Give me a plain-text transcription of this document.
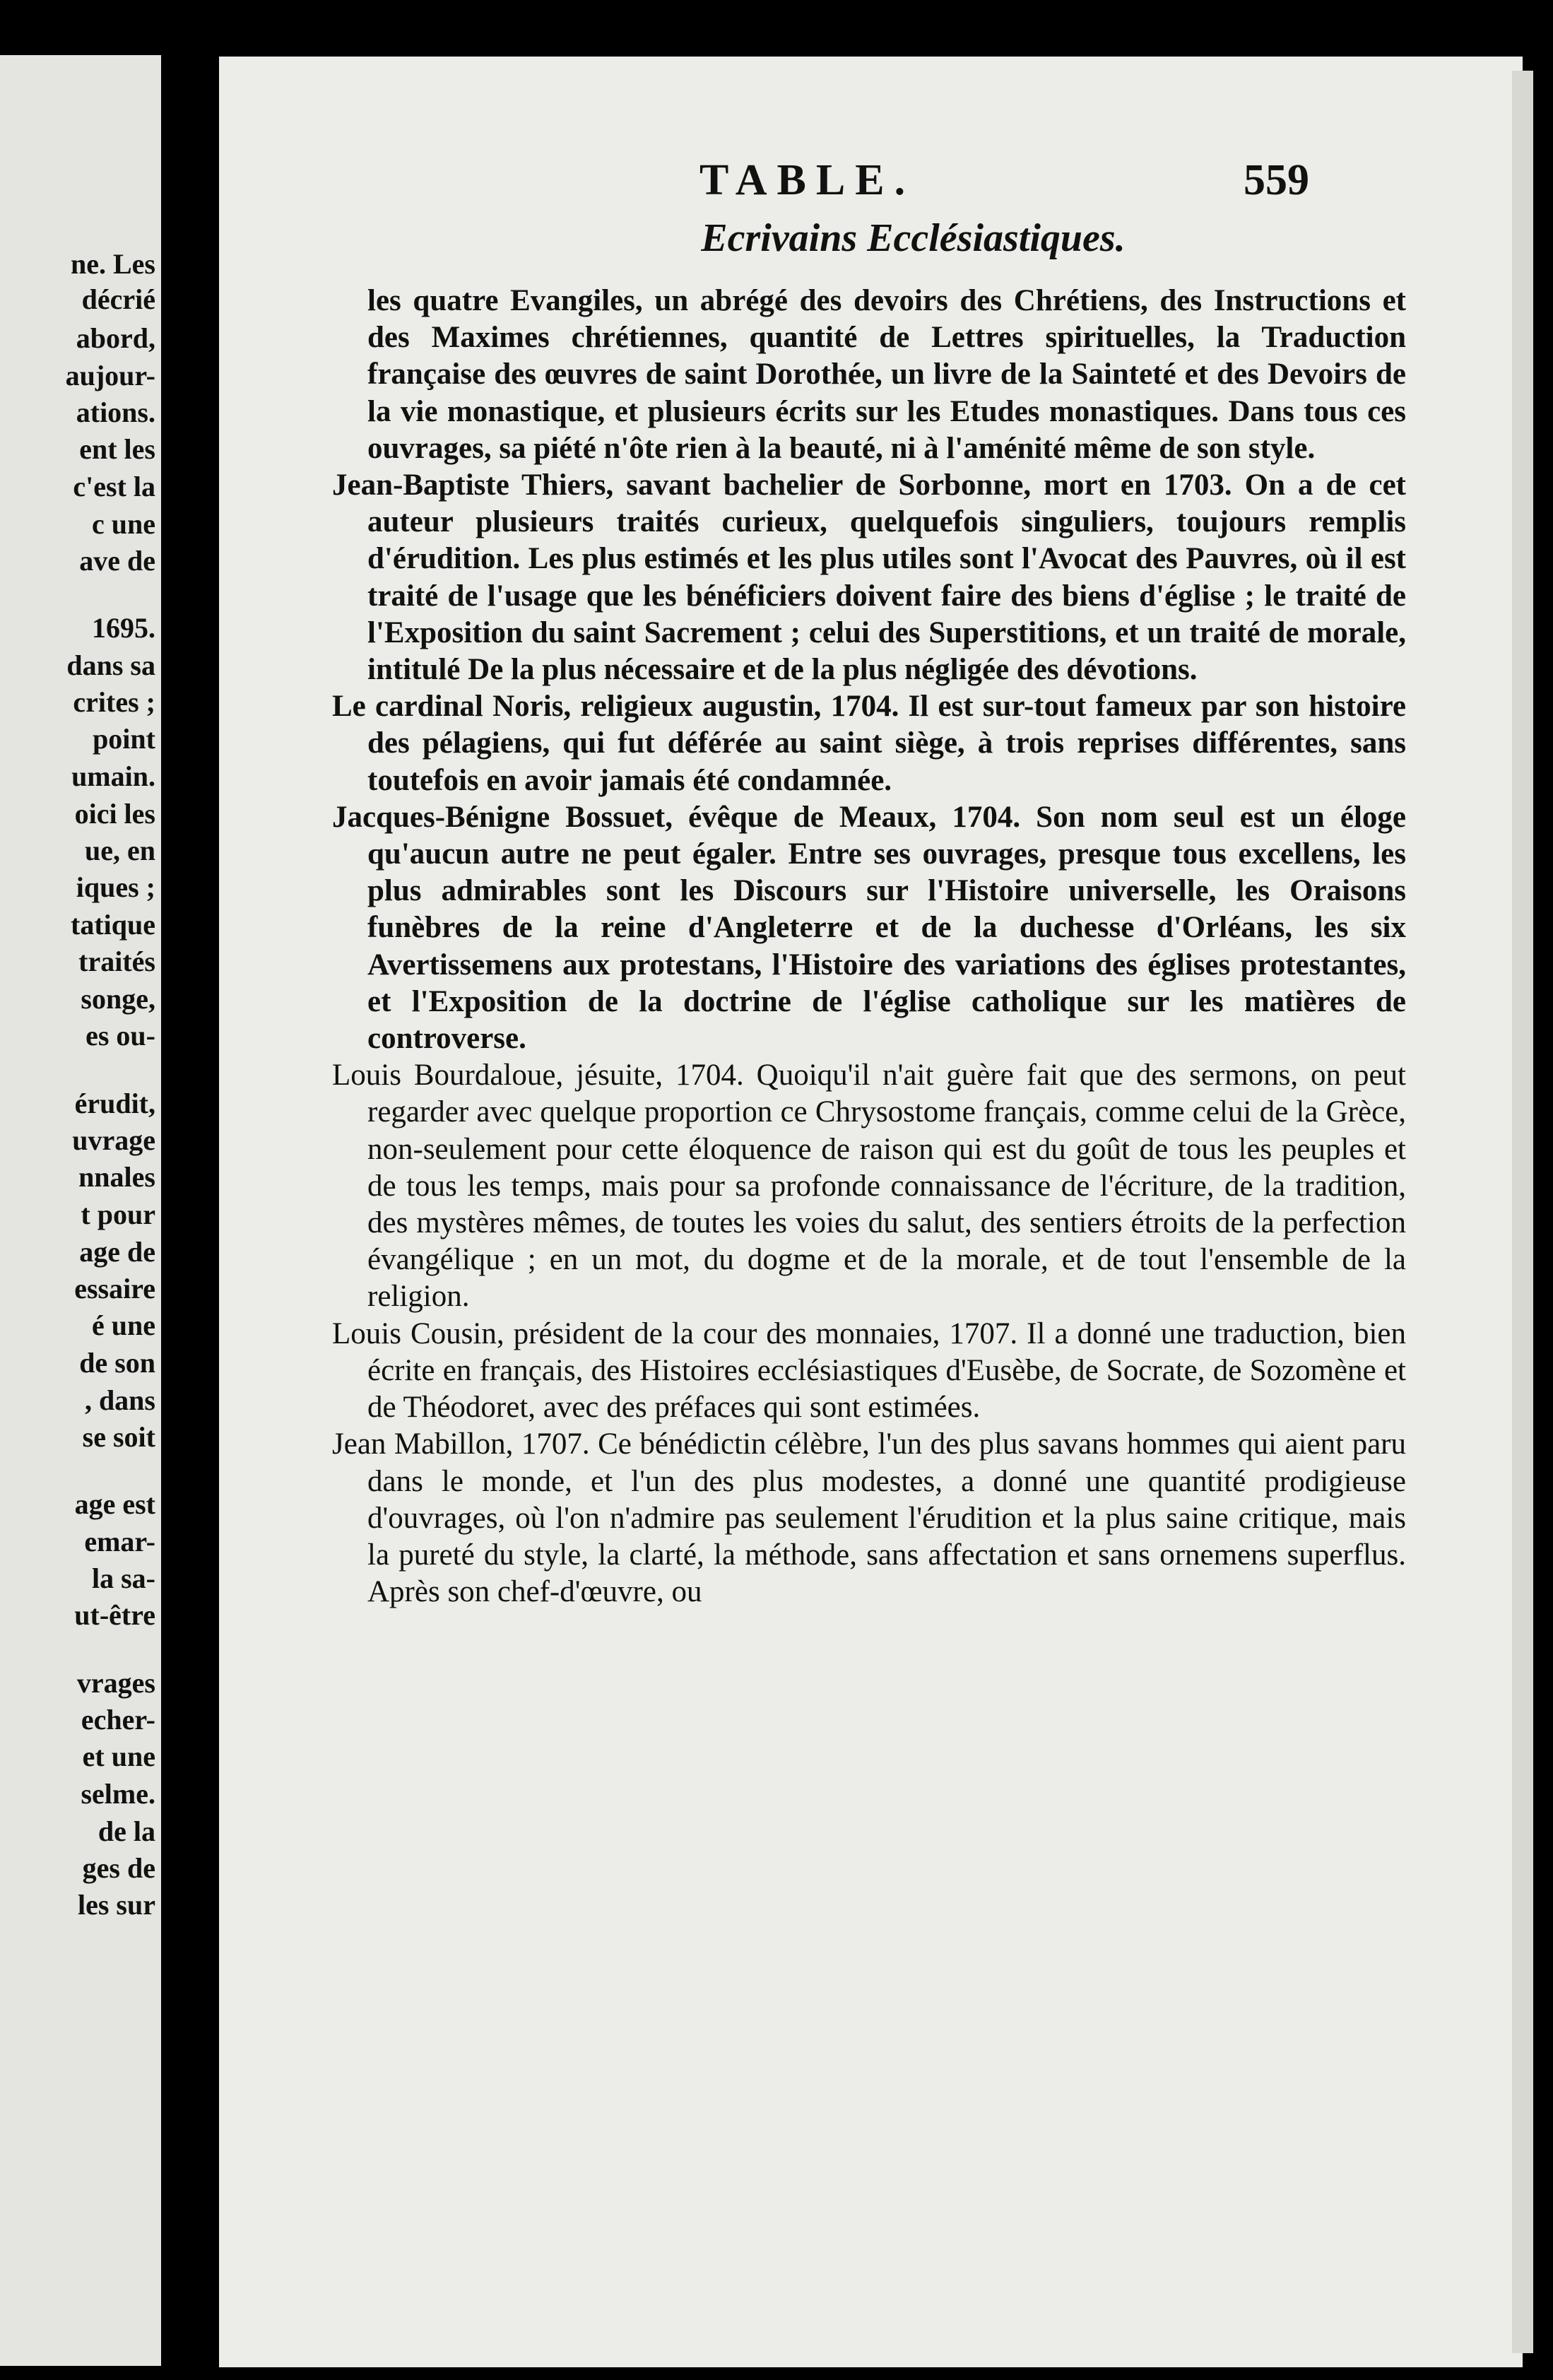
ne. Les
décrié
abord,
aujour-
ations.
ent les
c'est la
c une
ave de
1695.
dans sa
crites ;
point
umain.
oici les
ue, en
iques ;
tatique
traités
songe,
es ou-
érudit,
uvrage
nnales
t pour
age de
essaire
é une
de son
, dans
se soit
age est
emar-
la sa-
ut-être
vrages
echer-
et une
selme.
de la
ges de
les sur
TABLE.	559
Ecrivains Ecclésiastiques.

les quatre Evangiles, un abrégé des devoirs des Chrétiens, des Instructions et des Maximes chrétiennes, quantité de Lettres spirituelles, la Traduction française des œuvres de saint Dorothée, un livre de la Sainteté et des Devoirs de la vie monastique, et plusieurs écrits sur les Etudes monastiques. Dans tous ces ouvrages, sa piété n'ôte rien à la beauté, ni à l'aménité même de son style.

Jean-Baptiste Thiers, savant bachelier de Sorbonne, mort en 1703. On a de cet auteur plusieurs traités curieux, quelquefois singuliers, toujours remplis d'érudition. Les plus estimés et les plus utiles sont l'Avocat des Pauvres, où il est traité de l'usage que les bénéficiers doivent faire des biens d'église ; le traité de l'Exposition du saint Sacrement ; celui des Superstitions, et un traité de morale, intitulé De la plus nécessaire et de la plus négligée des dévotions.

Le cardinal Noris, religieux augustin, 1704. Il est sur-tout fameux par son histoire des pélagiens, qui fut déférée au saint siège, à trois reprises différentes, sans toutefois en avoir jamais été condamnée.

Jacques-Bénigne Bossuet, évêque de Meaux, 1704. Son nom seul est un éloge qu'aucun autre ne peut égaler. Entre ses ouvrages, presque tous excellens, les plus admirables sont les Discours sur l'Histoire universelle, les Oraisons funèbres de la reine d'Angleterre et de la duchesse d'Orléans, les six Avertissemens aux protestans, l'Histoire des variations des églises protestantes, et l'Exposition de la doctrine de l'église catholique sur les matières de controverse.

Louis Bourdaloue, jésuite, 1704. Quoiqu'il n'ait guère fait que des sermons, on peut regarder avec quelque proportion ce Chrysostome français, comme celui de la Grèce, non-seulement pour cette éloquence de raison qui est du goût de tous les peuples et de tous les temps, mais pour sa profonde connaissance de l'écriture, de la tradition, des mystères mêmes, de toutes les voies du salut, des sentiers étroits de la perfection évangélique ; en un mot, du dogme et de la morale, et de tout l'ensemble de la religion.

Louis Cousin, président de la cour des monnaies, 1707. Il a donné une traduction, bien écrite en français, des Histoires ecclésiastiques d'Eusèbe, de Socrate, de Sozomène et de Théodoret, avec des préfaces qui sont estimées.

Jean Mabillon, 1707. Ce bénédictin célèbre, l'un des plus savans hommes qui aient paru dans le monde, et l'un des plus modestes, a donné une quantité prodigieuse d'ouvrages, où l'on n'admire pas seulement l'érudition et la plus saine critique, mais la pureté du style, la clarté, la méthode, sans affectation et sans ornemens superflus. Après son chef-d'œuvre, ou
